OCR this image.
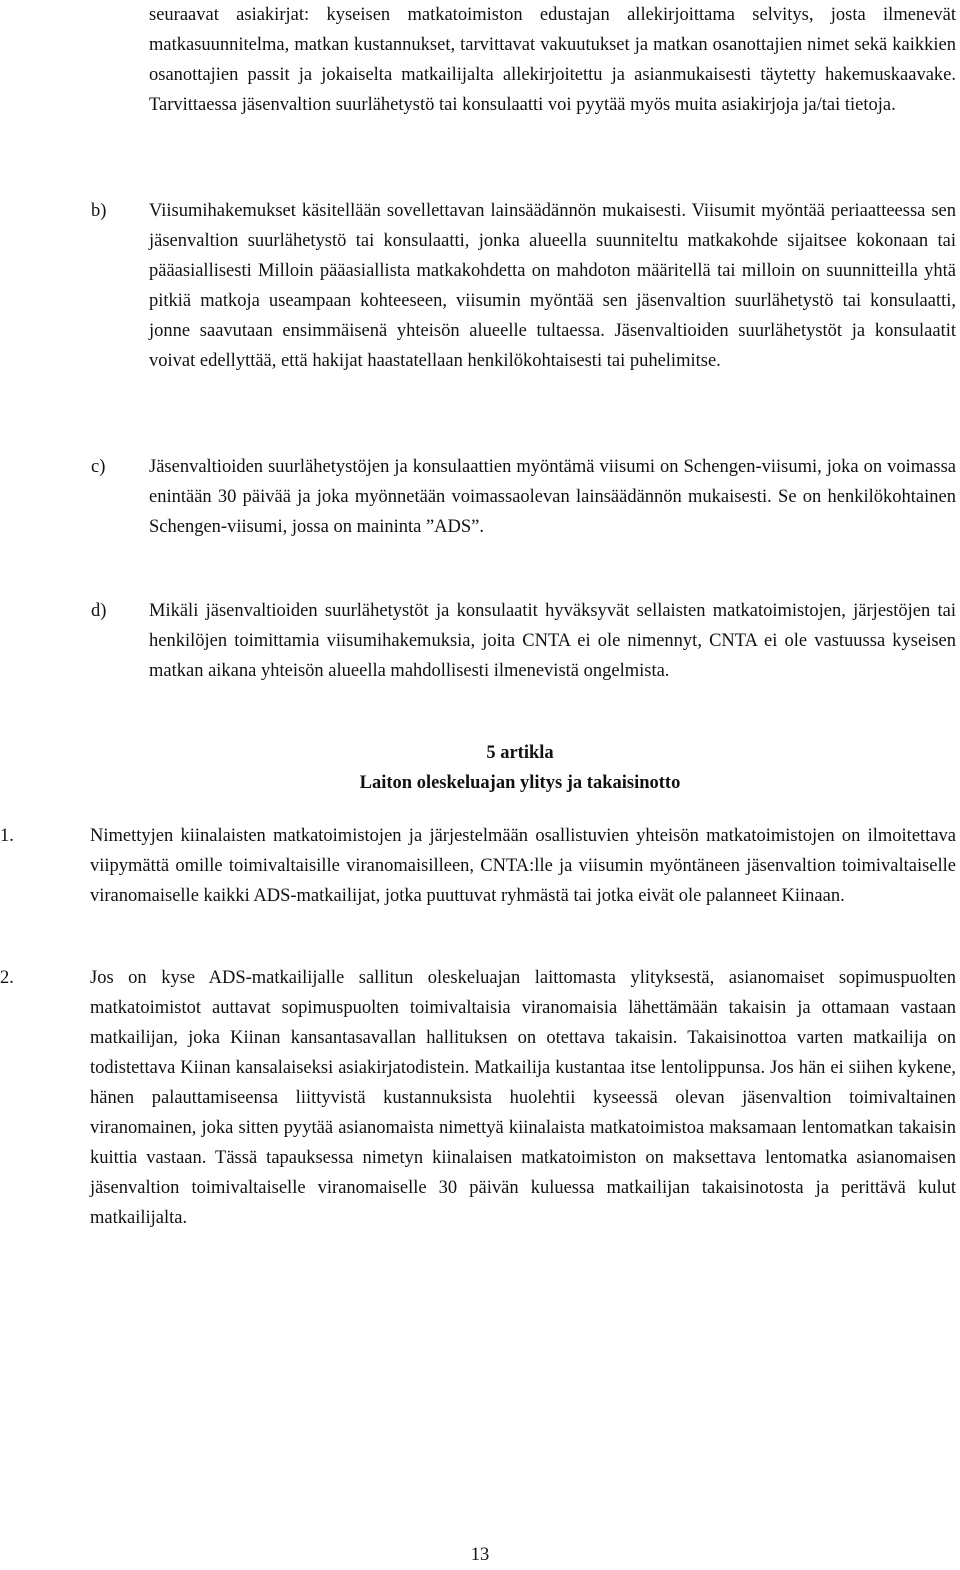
seuraavat asiakirjat: kyseisen matkatoimiston edustajan allekirjoittama selvitys, josta ilmenevät matkasuunnitelma, matkan kustannukset, tarvittavat vakuutukset ja matkan osanottajien nimet sekä kaikkien osanottajien passit ja jokaiselta matkailijalta allekirjoitettu ja asianmukaisesti täytetty hakemuskaavake. Tarvittaessa jäsenvaltion suurlähetystö tai konsulaatti voi pyytää myös muita asiakirjoja ja/tai tietoja.

b) Viisumihakemukset käsitellään sovellettavan lainsäädännön mukaisesti. Viisumit myöntää periaatteessa sen jäsenvaltion suurlähetystö tai konsulaatti, jonka alueella suunniteltu matkakohde sijaitsee kokonaan tai pääasiallisesti Milloin pääasiallista matkakohdetta on mahdoton määritellä tai milloin on suunnitteilla yhtä pitkiä matkoja useampaan kohteeseen, viisumin myöntää sen jäsenvaltion suurlähetystö tai konsulaatti, jonne saavutaan ensimmäisenä yhteisön alueelle tultaessa. Jäsenvaltioiden suurlähetystöt ja konsulaatit voivat edellyttää, että hakijat haastatellaan henkilökohtaisesti tai puhelimitse.

c) Jäsenvaltioiden suurlähetystöjen ja konsulaattien myöntämä viisumi on Schengen-viisumi, joka on voimassa enintään 30 päivää ja joka myönnetään voimassaolevan lainsäädännön mukaisesti. Se on henkilökohtainen Schengen-viisumi, jossa on maininta ”ADS”.

d) Mikäli jäsenvaltioiden suurlähetystöt ja konsulaatit hyväksyvät sellaisten matkatoimistojen, järjestöjen tai henkilöjen toimittamia viisumihakemuksia, joita CNTA ei ole nimennyt, CNTA ei ole vastuussa kyseisen matkan aikana yhteisön alueella mahdollisesti ilmenevistä ongelmista.

5 artikla

Laiton oleskeluajan ylitys ja takaisinotto

1.	Nimettyjen kiinalaisten matkatoimistojen ja järjestelmään osallistuvien yhteisön matkatoimistojen on ilmoitettava viipymättä omille toimivaltaisille viranomaisilleen, CNTA:lle ja viisumin myöntäneen jäsenvaltion toimivaltaiselle viranomaiselle kaikki ADS-matkailijat, jotka puuttuvat ryhmästä tai jotka eivät ole palanneet Kiinaan.

2.	Jos on kyse ADS-matkailijalle sallitun oleskeluajan laittomasta ylityksestä, asianomaiset sopimuspuolten matkatoimistot auttavat sopimuspuolten toimivaltaisia viranomaisia lähettämään takaisin ja ottamaan vastaan matkailijan, joka Kiinan kansantasavallan hallituksen on otettava takaisin. Takaisinottoa varten matkailija on todistettava Kiinan kansalaiseksi asiakirjatodistein. Matkailija kustantaa itse lentolippunsa. Jos hän ei siihen kykene, hänen palauttamiseensa liittyvistä kustannuksista huolehtii kyseessä olevan jäsenvaltion toimivaltainen viranomainen, joka sitten pyytää asianomaista nimettyä kiinalaista matkatoimistoa maksamaan lentomatkan takaisin kuittia vastaan. Tässä tapauksessa nimetyn kiinalaisen matkatoimiston on maksettava lentomatka asianomaisen jäsenvaltion toimivaltaiselle viranomaiselle 30 päivän kuluessa matkailijan takaisinotosta ja perittävä kulut matkailijalta.

13
